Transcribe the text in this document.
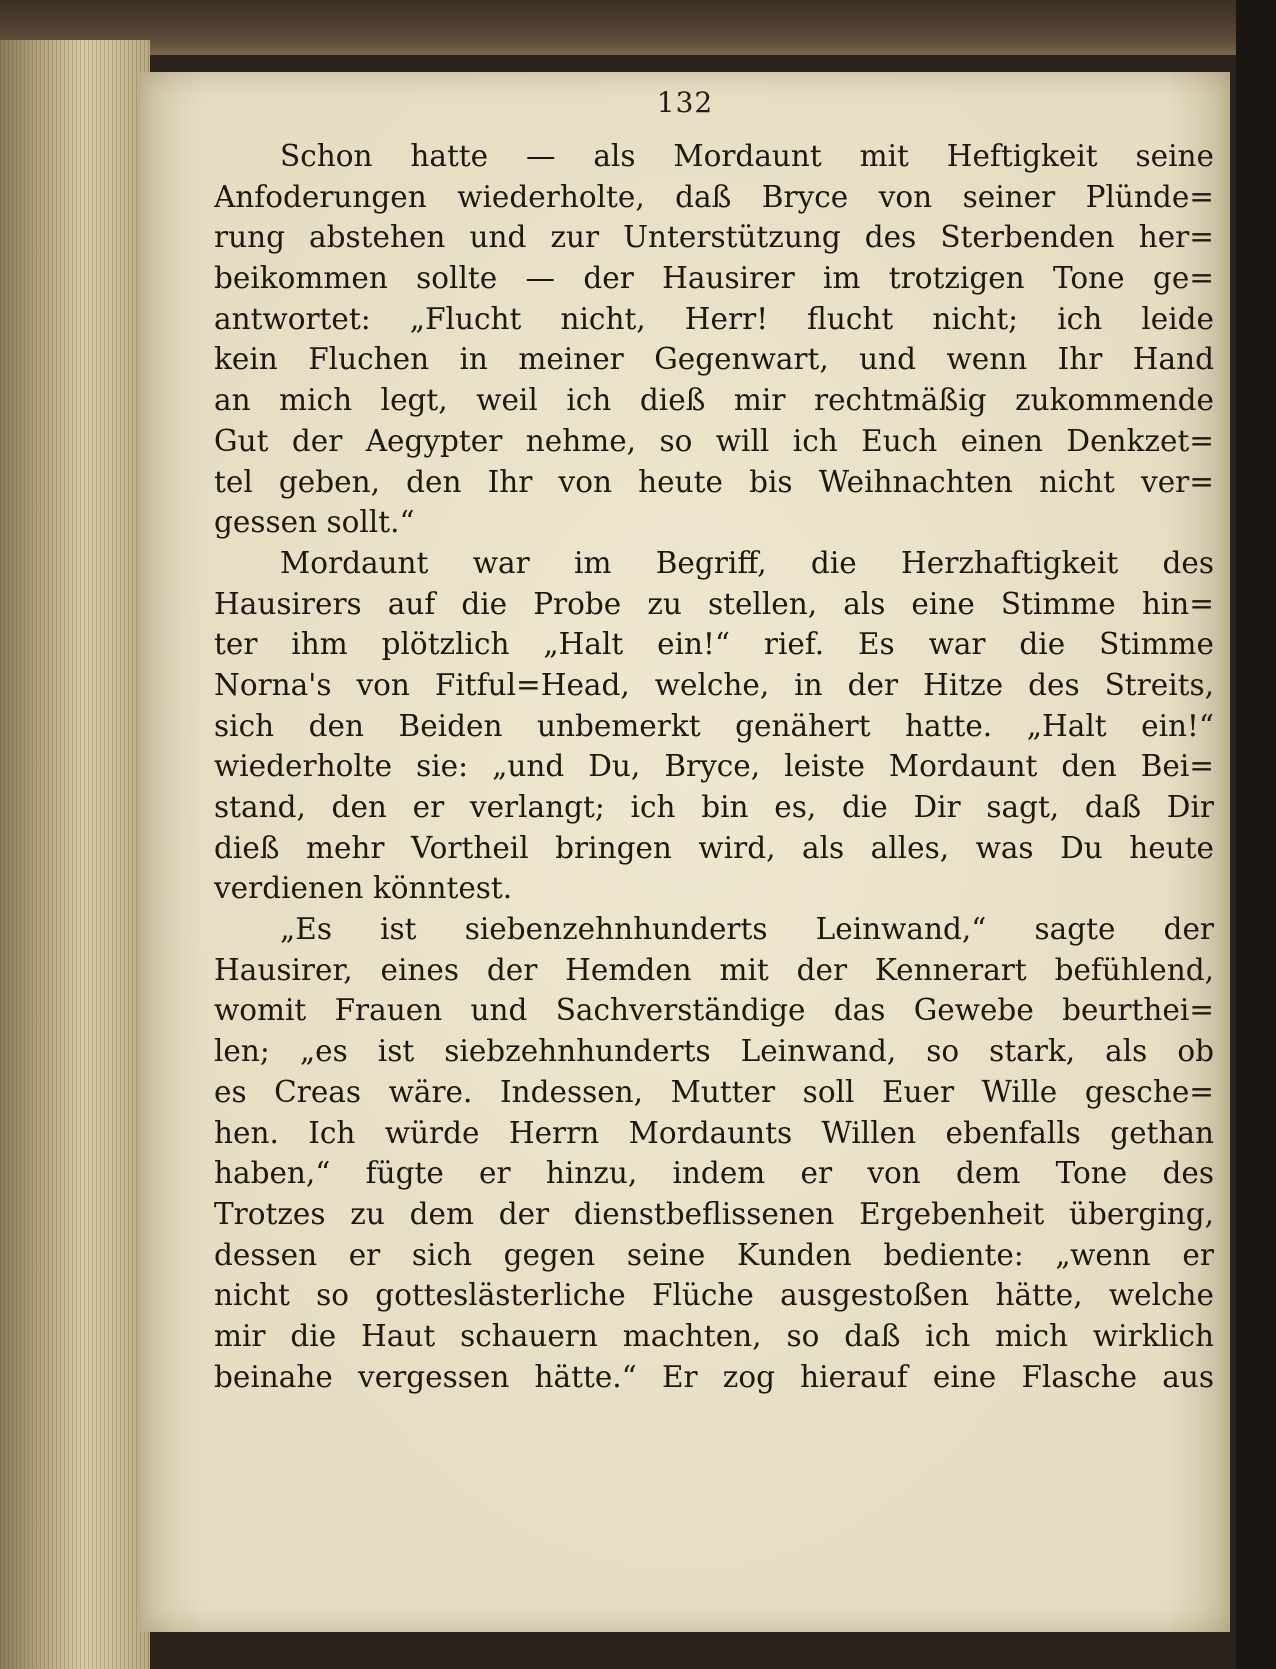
132
Schon hatte — als Mordaunt mit Heftigkeit seine
Anfoderungen wiederholte, daß Bryce von seiner Plünde=
rung abstehen und zur Unterstützung des Sterbenden her=
beikommen sollte — der Hausirer im trotzigen Tone ge=
antwortet: „Flucht nicht, Herr! flucht nicht; ich leide
kein Fluchen in meiner Gegenwart, und wenn Ihr Hand
an mich legt, weil ich dieß mir rechtmäßig zukommende
Gut der Aegypter nehme, so will ich Euch einen Denkzet=
tel geben, den Ihr von heute bis Weihnachten nicht ver=
gessen sollt.“
Mordaunt war im Begriff, die Herzhaftigkeit des
Hausirers auf die Probe zu stellen, als eine Stimme hin=
ter ihm plötzlich „Halt ein!“ rief. Es war die Stimme
Norna's von Fitful=Head, welche, in der Hitze des Streits,
sich den Beiden unbemerkt genähert hatte. „Halt ein!“
wiederholte sie: „und Du, Bryce, leiste Mordaunt den Bei=
stand, den er verlangt; ich bin es, die Dir sagt, daß Dir
dieß mehr Vortheil bringen wird, als alles, was Du heute
verdienen könntest.
„Es ist siebenzehnhunderts Leinwand,“ sagte der
Hausirer, eines der Hemden mit der Kennerart befühlend,
womit Frauen und Sachverständige das Gewebe beurthei=
len; „es ist siebzehnhunderts Leinwand, so stark, als ob
es Creas wäre. Indessen, Mutter soll Euer Wille gesche=
hen. Ich würde Herrn Mordaunts Willen ebenfalls gethan
haben,“ fügte er hinzu, indem er von dem Tone des
Trotzes zu dem der dienstbeflissenen Ergebenheit überging,
dessen er sich gegen seine Kunden bediente: „wenn er
nicht so gotteslästerliche Flüche ausgestoßen hätte, welche
mir die Haut schauern machten, so daß ich mich wirklich
beinahe vergessen hätte.“ Er zog hierauf eine Flasche aus
